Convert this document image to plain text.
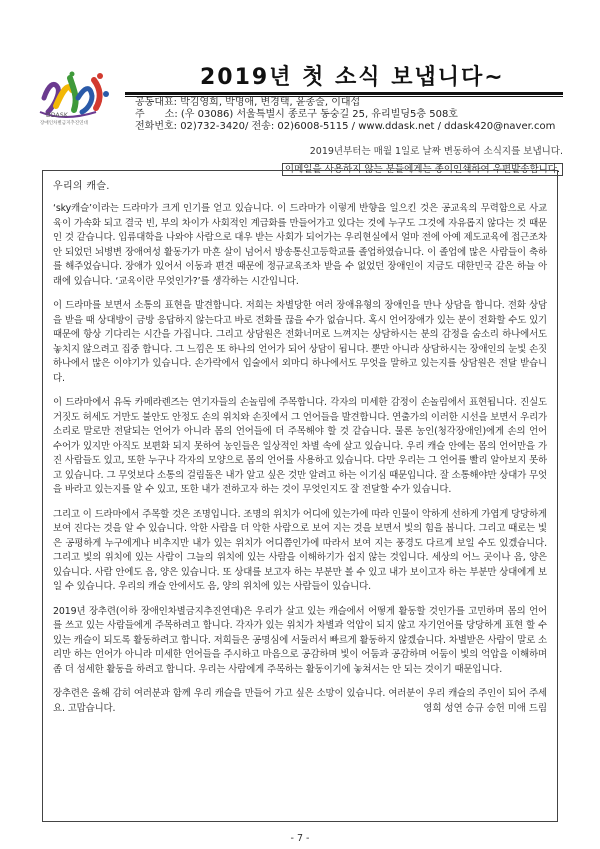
DDASK
장애인차별금지추진연대
2019년 첫 소식 보냅니다~
공동대표: 박김영희, 박명애, 변경택, 윤종술, 이대섭
주　　소: (우 03086) 서울특별시 종로구 동숭길 25, 유리빌딩5층 508호
전화번호: 02)732-3420/ 전송: 02)6008-5115 / www.ddask.net / ddask420@naver.com
2019년부터는 매월 1일로 날짜 변동하여 소식지를 보냅니다.
이메일을 사용하지 않는 분들에게는 종이인쇄하여 우편발송합니다.
우리의 캐슬.

‘sky캐슬’이라는 드라마가 크게 인기를 얻고 있습니다. 이 드라마가 이렇게 반향을 일으킨 것은 공교육의 무력함으로 사교육이 가속화 되고 결국 빈, 부의 차이가 사회적인 계급화를 만들어가고 있다는 것에 누구도 그것에 자유롭지 않다는 것 때문인 것 같습니다. 입류대학을 나와야 사람으로 대우 받는 사회가 되어가는 우리현실에서 얼마 전에 아예 제도교육에 접근조차 안 되었던 뇌병변 장애여성 활동가가 마흔 살이 넘어서 방송통신고등학교를 졸업하였습니다. 이 졸업에 많은 사람들이 축하를 해주었습니다. 장애가 있어서 이동과 편견 때문에 정규교육조차 받을 수 없었던 장애인이 지금도 대한민국 같은 하늘 아래에 있습니다. ‘교육이란 무엇인가?’를 생각하는 시간입니다.

이 드라마를 보면서 소통의 표현을 발견합니다. 저희는 차별당한 여러 장애유형의 장애인을 만나 상담을 합니다. 전화 상담을 받을 때 상대방이 금방 응답하지 않는다고 바로 전화를 끊을 수가 없습니다. 혹시 언어장애가 있는 분이 전화할 수도 있기 때문에 항상 기다리는 시간을 가집니다. 그리고 상담원은 전화너머로 느껴지는 상담하시는 분의 감정을 숨소리 하나에서도 놓치지 않으려고 집중 합니다. 그 느낌은 또 하나의 언어가 되어 상담이 됩니다. 뿐만 아니라 상담하시는 장애인의 눈빛 손짓 하나에서 많은 이야기가 있습니다. 손가락에서 입술에서 외마디 하나에서도 무엇을 말하고 있는지를 상담원은 전달 받습니다.

이 드라마에서 유독 카메라렌즈는 연기자들의 손놀림에 주목합니다. 각자의 미세한 감정이 손놀림에서 표현됩니다. 진실도 거짓도 허세도 거만도 불안도 안정도 손의 위치와 손짓에서 그 언어들을 발견합니다. 연출가의 이러한 시선을 보면서 우리가 소리로 말로만 전달되는 언어가 아니라 몸의 언어들에 더 주목해야 할 것 같습니다. 물론 농인(청각장애인)에게 손의 언어 수어가 있지만 아직도 보편화 되지 못하여 농인들은 일상적인 차별 속에 살고 있습니다. 우리 캐슬 안에는 몸의 언어만을 가진 사람들도 있고, 또한 누구나 각자의 모양으로 몸의 언어를 사용하고 있습니다. 다만 우리는 그 언어를 빨리 알아보지 못하고 있습니다. 그 무엇보다 소통의 걸림돌은 내가 알고 싶은 것만 알려고 하는 이기심 때문입니다. 잘 소통해야만 상대가 무엇을 바라고 있는지를 알 수 있고, 또한 내가 전하고자 하는 것이 무엇인지도 잘 전달할 수가 있습니다.

그리고 이 드라마에서 주목할 것은 조명입니다. 조명의 위치가 어디에 있는가에 따라 인물이 악하게 선하게 가엽게 당당하게 보여 진다는 것을 알 수 있습니다. 악한 사람을 더 악한 사람으로 보여 지는 것을 보면서 빛의 힘을 봅니다. 그리고 때로는 빛은 공평하게 누구에게나 비추지만 내가 있는 위치가 어디쯤인가에 따라서 보여 지는 풍경도 다르게 보일 수도 있겠습니다. 그리고 빛의 위치에 있는 사람이 그늘의 위치에 있는 사람을 이해하기가 쉽지 않는 것입니다. 세상의 어느 곳이나 음, 양은 있습니다. 사람 안에도 음, 양은 있습니다. 또 상대를 보고자 하는 부분만 볼 수 있고 내가 보이고자 하는 부분만 상대에게 보일 수 있습니다. 우리의 캐슬 안에서도 음, 양의 위치에 있는 사람들이 있습니다.

2019년 장추련(이하 장애인차별금지추진연대)은 우리가 살고 있는 캐슬에서 어떻게 활동할 것인가를 고민하며 몸의 언어를 쓰고 있는 사람들에게 주목하려고 합니다. 각자가 있는 위치가 차별과 억압이 되지 않고 자기언어를 당당하게 표현 할 수 있는 캐슬이 되도록 활동하려고 합니다. 저희들은 공명심에 서둘러서 빠르게 활동하지 않겠습니다. 차별받은 사람이 말로 소리만 하는 언어가 아니라 미세한 언어들을 주시하고 마음으로 공감하며 빛이 어둠과 공감하며 어둠이 빛의 억압을 이해하며 좀 더 섬세한 활동을 하려고 합니다. 우리는 사람에게 주목하는 활동이기에 놓쳐서는 안 되는 것이기 때문입니다.

장추련은 올해 감히 여러분과 함께 우리 캐슬을 만들어 가고 싶은 소망이 있습니다. 여러분이 우리 캐슬의 주인이 되어 주세요. 고맙습니다.	영희 성연 승규 승헌 미애 드림
- 7 -
